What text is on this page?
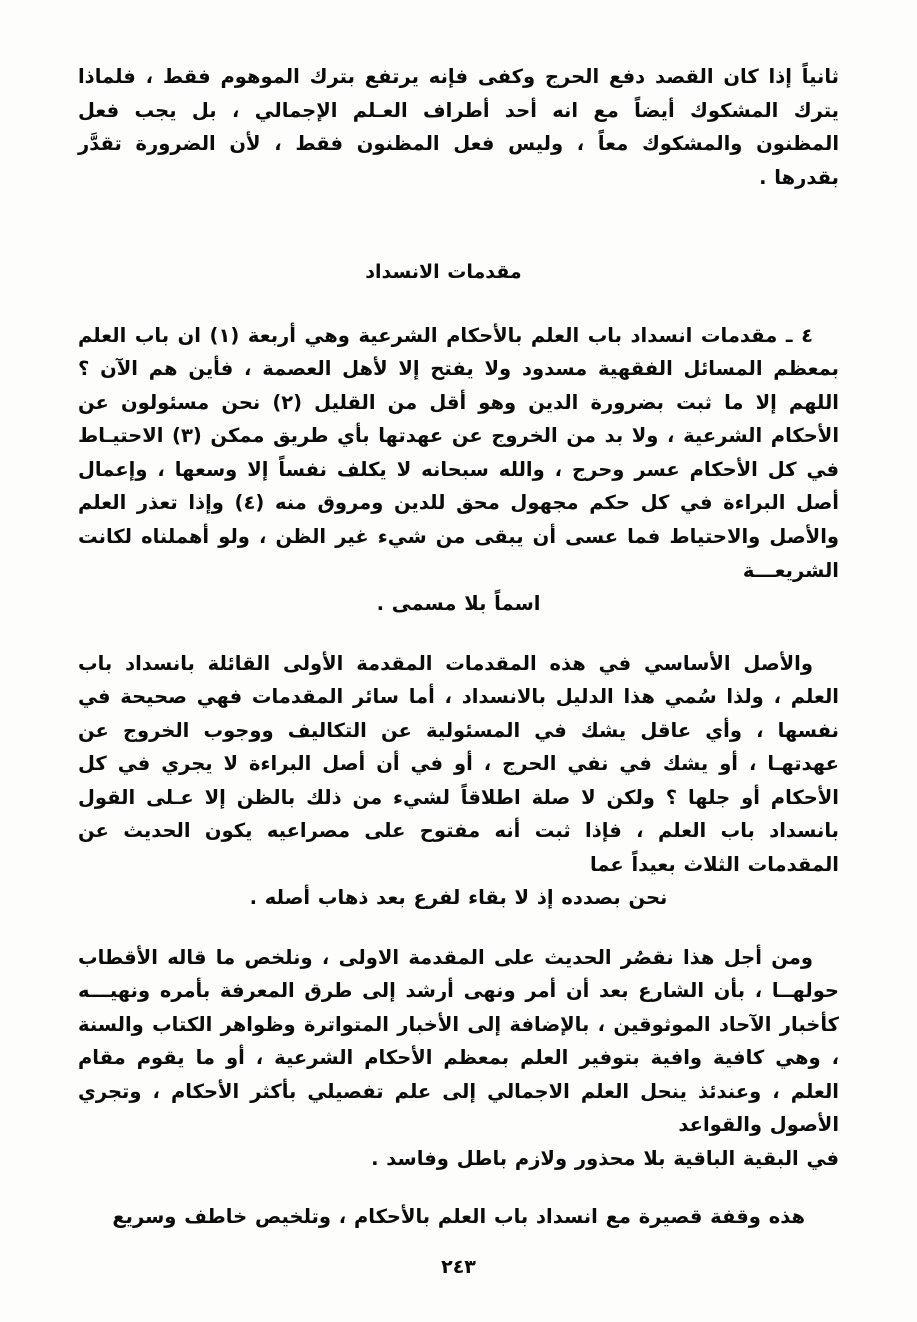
ثانياً إذا كان القصد دفع الحرج وكفى فإنه يرتفع بترك الموهوم فقط ، فلماذا يترك المشكوك أيضاً مع انه أحد أطراف العـلم الإجمالي ، بل يجب فعل المظنون والمشكوك معاً ، وليس فعل المظنون فقط ، لأن الضرورة تقدَّر بقدرها .

مقدمات الانسداد

٤ ـ مقدمات انسداد باب العلم بالأحكام الشرعية وهي أربعة (١) ان باب العلم بمعظم المسائل الفقهية مسدود ولا يفتح إلا لأهل العصمة ، فأين هم الآن ؟ اللهم إلا ما ثبت بضرورة الدين وهو أقل من القليل (٢) نحن مسئولون عن الأحكام الشرعية ، ولا بد من الخروج عن عهدتها بأي طريق ممكن (٣) الاحتيـاط في كل الأحكام عسر وحرج ، والله سبحانه لا يكلف نفساً إلا وسعها ، وإعمال أصل البراءة في كل حكم مجهول محق للدين ومروق منه (٤) وإذا تعذر العلم والأصل والاحتياط فما عسى أن يبقى من شيء غير الظن ، ولو أهملناه لكانت الشريعـــة
اسماً بلا مسمى .

والأصل الأساسي في هذه المقدمات المقدمة الأولى القائلة بانسداد باب العلم ، ولذا سُمي هذا الدليل بالانسداد ، أما سائر المقدمات فهي صحيحة في نفسها ، وأي عاقل يشك في المسئولية عن التكاليف ووجوب الخروج عن عهدتهـا ، أو يشك في نفي الحرج ، أو في أن أصل البراءة لا يجري في كل الأحكام أو جلها ؟ ولكن لا صلة اطلاقاً لشيء من ذلك بالظن إلا عـلى القول بانسداد باب العلم ، فإذا ثبت أنه مفتوح على مصراعيه يكون الحديث عن المقدمات الثلاث بعيداً عما
نحن بصدده إذ لا بقاء لفرع بعد ذهاب أصله .

ومن أجل هذا نقصُر الحديث على المقدمة الاولى ، ونلخص ما قاله الأقطاب حولهــا ، بأن الشارع بعد أن أمر ونهى أرشد إلى طرق المعرفة بأمره ونهيـــه كأخبار الآحاد الموثوقين ، بالإضافة إلى الأخبار المتواترة وظواهر الكتاب والسنة ، وهي كافية وافية بتوفير العلم بمعظم الأحكام الشرعية ، أو ما يقوم مقام العلم ، وعندئذ ينحل العلم الاجمالي إلى علم تفصيلي بأكثر الأحكام ، وتجري الأصول والقواعد
في البقية الباقية بلا محذور ولازم باطل وفاسد .

هذه وقفة قصيرة مع انسداد باب العلم بالأحكام ، وتلخيص خاطف وسريع

٢٤٣
